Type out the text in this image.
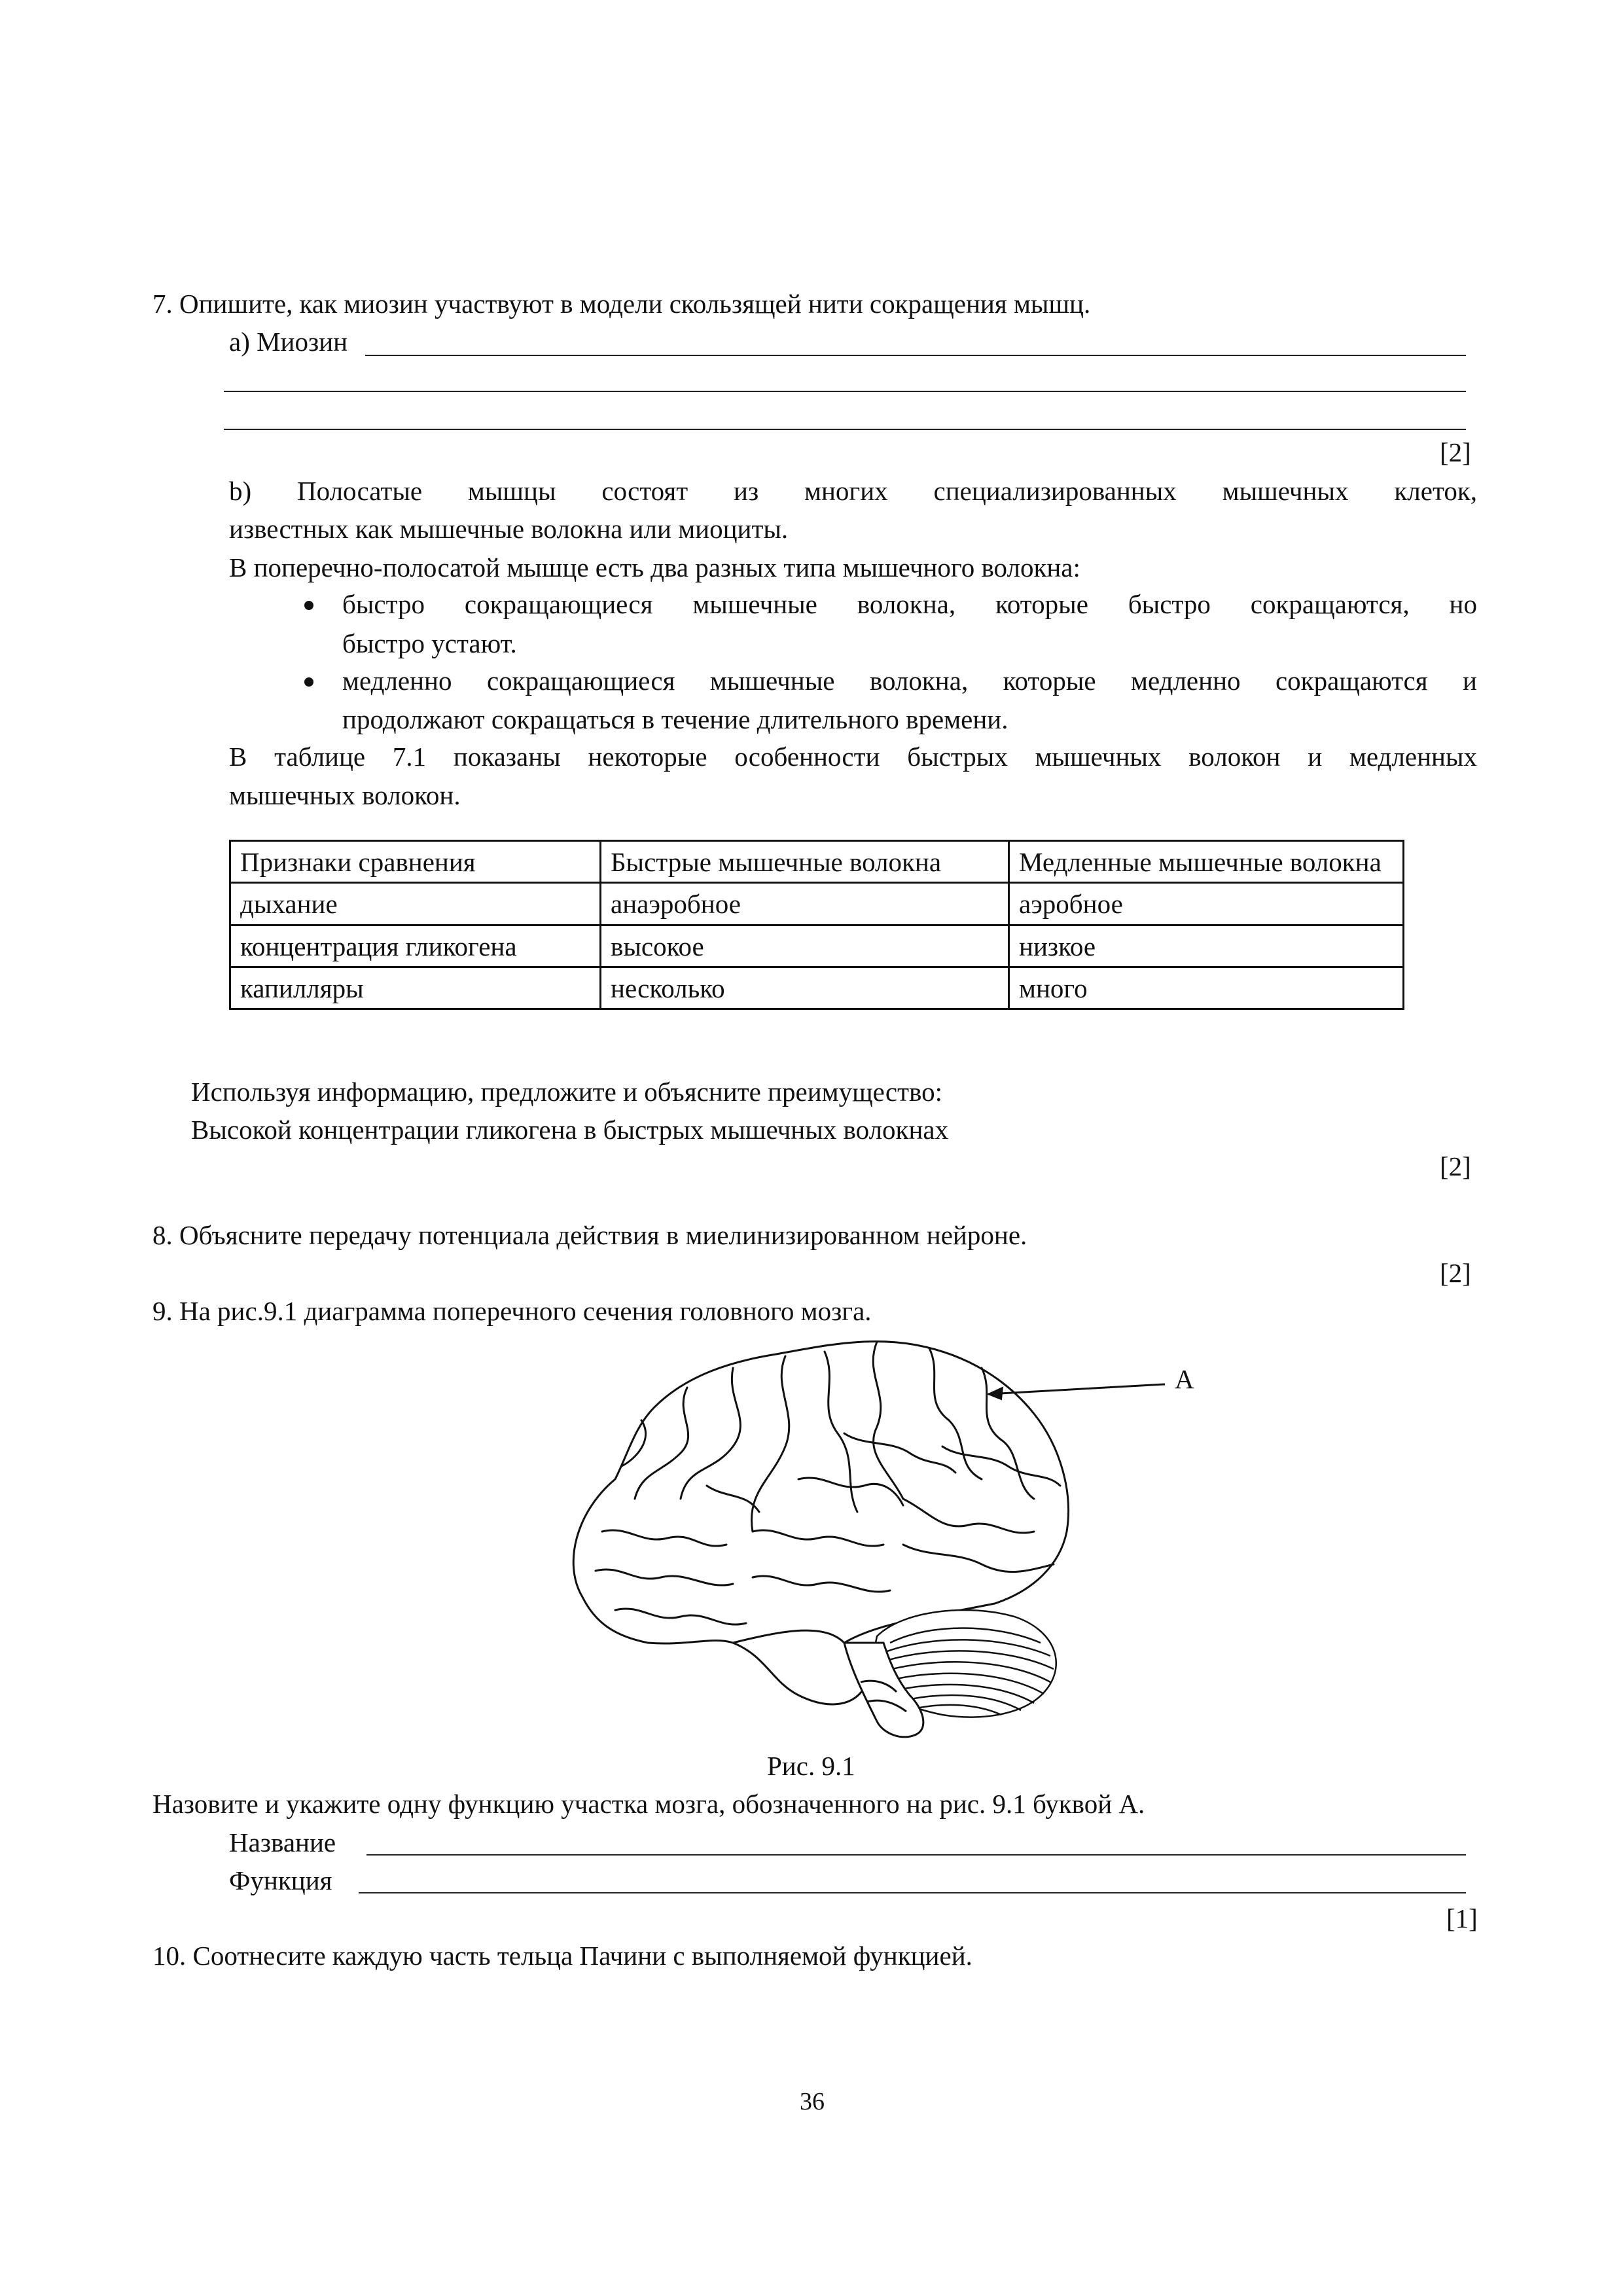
7. Опишите, как миозин участвуют в модели скользящей нити сокращения мышц.
а) Миозин
[2]
b) Полосатые мышцы состоят из многих специализированных мышечных клеток,
известных как мышечные волокна или миоциты.
В поперечно-полосатой мышце есть два разных типа мышечного волокна:
быстро сокращающиеся мышечные волокна, которые быстро сокращаются, но
быстро устают.
медленно сокращающиеся мышечные волокна, которые медленно сокращаются и
продолжают сокращаться в течение длительного времени.
В таблице 7.1 показаны некоторые особенности быстрых мышечных волокон и медленных
мышечных волокон.
Признаки сравнения	Быстрые мышечные волокна	Медленные мышечные волокна
дыхание	анаэробное	аэробное
концентрация гликогена	высокое	низкое
капилляры	несколько	много
Используя информацию, предложите и объясните преимущество:
Высокой концентрации гликогена в быстрых мышечных волокнах
[2]
8. Объясните передачу потенциала действия в миелинизированном нейроне.
[2]
9. На рис.9.1 диаграмма поперечного сечения головного мозга.
A
Рис. 9.1
Назовите и укажите одну функцию участка мозга, обозначенного на рис. 9.1 буквой A.
Название
Функция
[1]
10. Соотнесите каждую часть тельца Пачини с выполняемой функцией.
36
